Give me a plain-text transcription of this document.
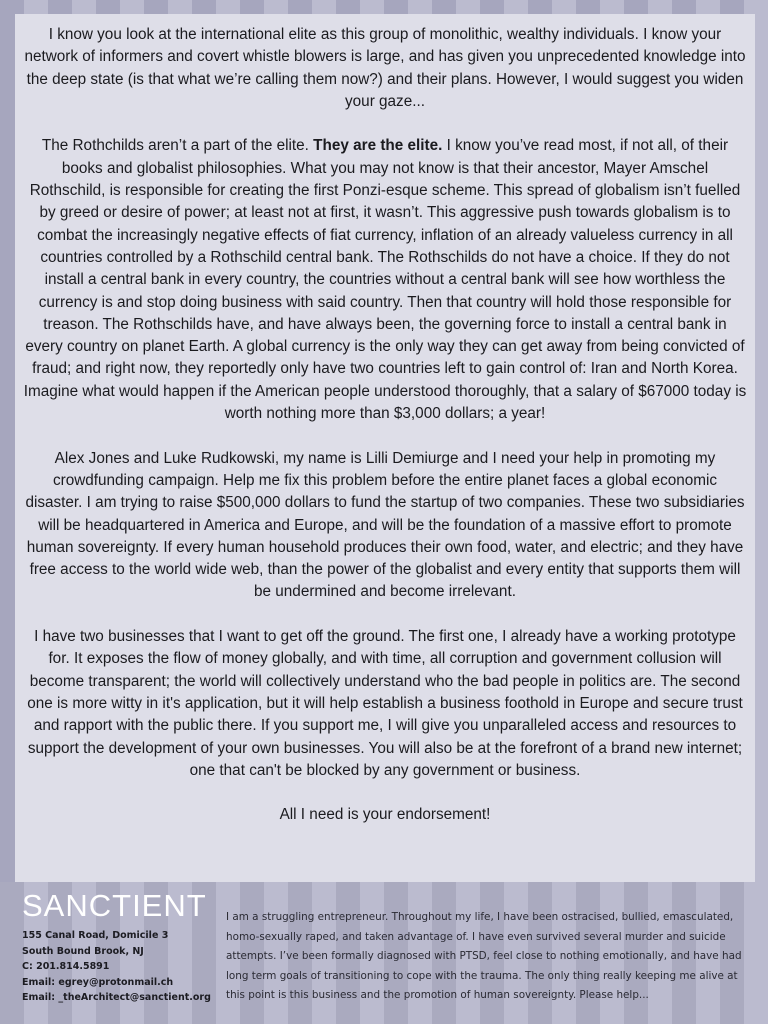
I know you look at the international elite as this group of monolithic, wealthy individuals. I know your network of informers and covert whistle blowers is large, and has given you unprecedented knowledge into the deep state (is that what we’re calling them now?) and their plans. However, I would suggest you widen your gaze...

The Rothchilds aren’t a part of the elite. They are the elite. I know you’ve read most, if not all, of their books and globalist philosophies. What you may not know is that their ancestor, Mayer Amschel Rothschild, is responsible for creating the first Ponzi-esque scheme. This spread of globalism isn’t fuelled by greed or desire of power; at least not at first, it wasn’t. This aggressive push towards globalism is to combat the increasingly negative effects of fiat currency, inflation of an already valueless currency in all countries controlled by a Rothschild central bank. The Rothschilds do not have a choice. If they do not install a central bank in every country, the countries without a central bank will see how worthless the currency is and stop doing business with said country. Then that country will hold those responsible for treason. The Rothschilds have, and have always been, the governing force to install a central bank in every country on planet Earth. A global currency is the only way they can get away from being convicted of fraud; and right now, they reportedly only have two countries left to gain control of: Iran and North Korea. Imagine what would happen if the American people understood thoroughly, that a salary of $67000 today is worth nothing more than $3,000 dollars; a year!

Alex Jones and Luke Rudkowski, my name is Lilli Demiurge and I need your help in promoting my crowdfunding campaign. Help me fix this problem before the entire planet faces a global economic disaster. I am trying to raise $500,000 dollars to fund the startup of two companies. These two subsidiaries will be headquartered in America and Europe, and will be the foundation of a massive effort to promote human sovereignty. If every human household produces their own food, water, and electric; and they have free access to the world wide web, than the power of the globalist and every entity that supports them will be undermined and become irrelevant.

I have two businesses that I want to get off the ground. The first one, I already have a working prototype for. It exposes the flow of money globally, and with time, all corruption and government collusion will become transparent; the world will collectively understand who the bad people in politics are. The second one is more witty in it's application, but it will help establish a business foothold in Europe and secure trust and rapport with the public there. If you support me, I will give you unparalleled access and resources to support the development of your own businesses. You will also be at the forefront of a brand new internet; one that can't be blocked by any government or business.

All I need is your endorsement!

SANCTIENT
155 Canal Road, Domicile 3
South Bound Brook, NJ
C: 201.814.5891
Email: egrey@protonmail.ch
Email: _theArchitect@sanctient.org
I am a struggling entrepreneur. Throughout my life, I have been ostracised, bullied, emasculated, homo-sexually raped, and taken advantage of. I have even survived several murder and suicide attempts. I’ve been formally diagnosed with PTSD, feel close to nothing emotionally, and have had long term goals of transitioning to cope with the trauma. The only thing really keeping me alive at this point is this business and the promotion of human sovereignty. Please help...
